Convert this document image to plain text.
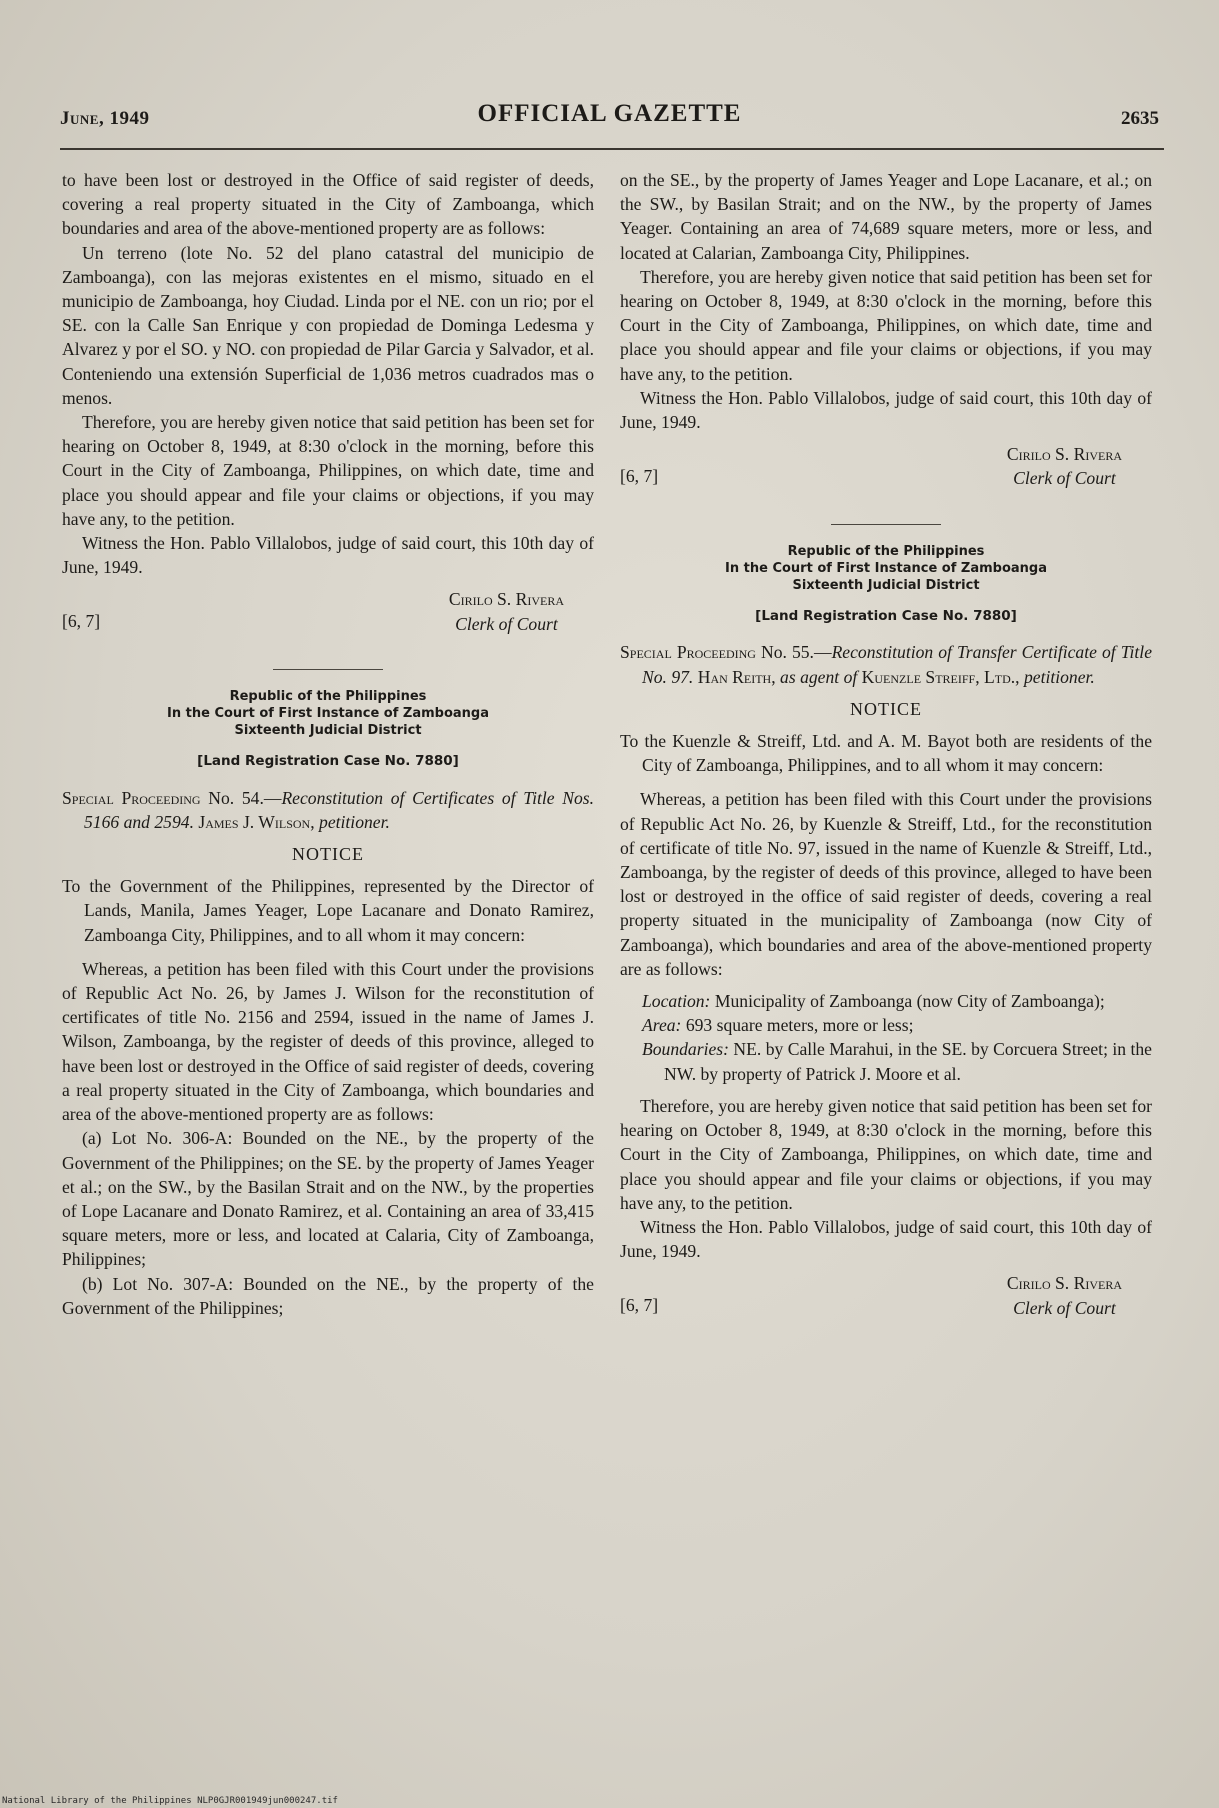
June, 1949	OFFICIAL GAZETTE	2635

to have been lost or destroyed in the Office of said register of deeds, covering a real property situated in the City of Zamboanga, which boundaries and area of the above-mentioned property are as follows:

Un terreno (lote No. 52 del plano catastral del municipio de Zamboanga), con las mejoras existentes en el mismo, situado en el municipio de Zamboanga, hoy Ciudad. Linda por el NE. con un rio; por el SE. con la Calle San Enrique y con propiedad de Dominga Ledesma y Alvarez y por el SO. y NO. con propiedad de Pilar Garcia y Salvador, et al. Conteniendo una extensión Superficial de 1,036 metros cuadrados mas o menos.

Therefore, you are hereby given notice that said petition has been set for hearing on October 8, 1949, at 8:30 o'clock in the morning, before this Court in the City of Zamboanga, Philippines, on which date, time and place you should appear and file your claims or objections, if you may have any, to the petition.

Witness the Hon. Pablo Villalobos, judge of said court, this 10th day of June, 1949.

[6, 7]
Cirilo S. Rivera
Clerk of Court
Republic of the Philippines
In the Court of First Instance of Zamboanga
Sixteenth Judicial District
[Land Registration Case No. 7880]

Special Proceeding No. 54.—Reconstitution of Certificates of Title Nos. 5166 and 2594. James J. Wilson, petitioner.

NOTICE

To the Government of the Philippines, represented by the Director of Lands, Manila, James Yeager, Lope Lacanare and Donato Ramirez, Zamboanga City, Philippines, and to all whom it may concern:

Whereas, a petition has been filed with this Court under the provisions of Republic Act No. 26, by James J. Wilson for the reconstitution of certificates of title No. 2156 and 2594, issued in the name of James J. Wilson, Zamboanga, by the register of deeds of this province, alleged to have been lost or destroyed in the Office of said register of deeds, covering a real property situated in the City of Zamboanga, which boundaries and area of the above-mentioned property are as follows:

(a) Lot No. 306-A: Bounded on the NE., by the property of the Government of the Philippines; on the SE. by the property of James Yeager et al.; on the SW., by the Basilan Strait and on the NW., by the properties of Lope Lacanare and Donato Ramirez, et al. Containing an area of 33,415 square meters, more or less, and located at Calaria, City of Zamboanga, Philippines;

(b) Lot No. 307-A: Bounded on the NE., by the property of the Government of the Philippines;

on the SE., by the property of James Yeager and Lope Lacanare, et al.; on the SW., by Basilan Strait; and on the NW., by the property of James Yeager. Containing an area of 74,689 square meters, more or less, and located at Calarian, Zamboanga City, Philippines.

Therefore, you are hereby given notice that said petition has been set for hearing on October 8, 1949, at 8:30 o'clock in the morning, before this Court in the City of Zamboanga, Philippines, on which date, time and place you should appear and file your claims or objections, if you may have any, to the petition.

Witness the Hon. Pablo Villalobos, judge of said court, this 10th day of June, 1949.

[6, 7]
Cirilo S. Rivera
Clerk of Court
Republic of the Philippines
In the Court of First Instance of Zamboanga
Sixteenth Judicial District
[Land Registration Case No. 7880]

Special Proceeding No. 55.—Reconstitution of Transfer Certificate of Title No. 97. Han Reith, as agent of Kuenzle Streiff, Ltd., petitioner.

NOTICE

To the Kuenzle & Streiff, Ltd. and A. M. Bayot both are residents of the City of Zamboanga, Philippines, and to all whom it may concern:

Whereas, a petition has been filed with this Court under the provisions of Republic Act No. 26, by Kuenzle & Streiff, Ltd., for the reconstitution of certificate of title No. 97, issued in the name of Kuenzle & Streiff, Ltd., Zamboanga, by the register of deeds of this province, alleged to have been lost or destroyed in the office of said register of deeds, covering a real property situated in the municipality of Zamboanga (now City of Zamboanga), which boundaries and area of the above-mentioned property are as follows:

Location: Municipality of Zamboanga (now City of Zamboanga);

Area: 693 square meters, more or less;

Boundaries: NE. by Calle Marahui, in the SE. by Corcuera Street; in the NW. by property of Patrick J. Moore et al.

Therefore, you are hereby given notice that said petition has been set for hearing on October 8, 1949, at 8:30 o'clock in the morning, before this Court in the City of Zamboanga, Philippines, on which date, time and place you should appear and file your claims or objections, if you may have any, to the petition.

Witness the Hon. Pablo Villalobos, judge of said court, this 10th day of June, 1949.

[6, 7]
Cirilo S. Rivera
Clerk of Court
National Library of the Philippines NLP0GJR001949jun000247.tif
